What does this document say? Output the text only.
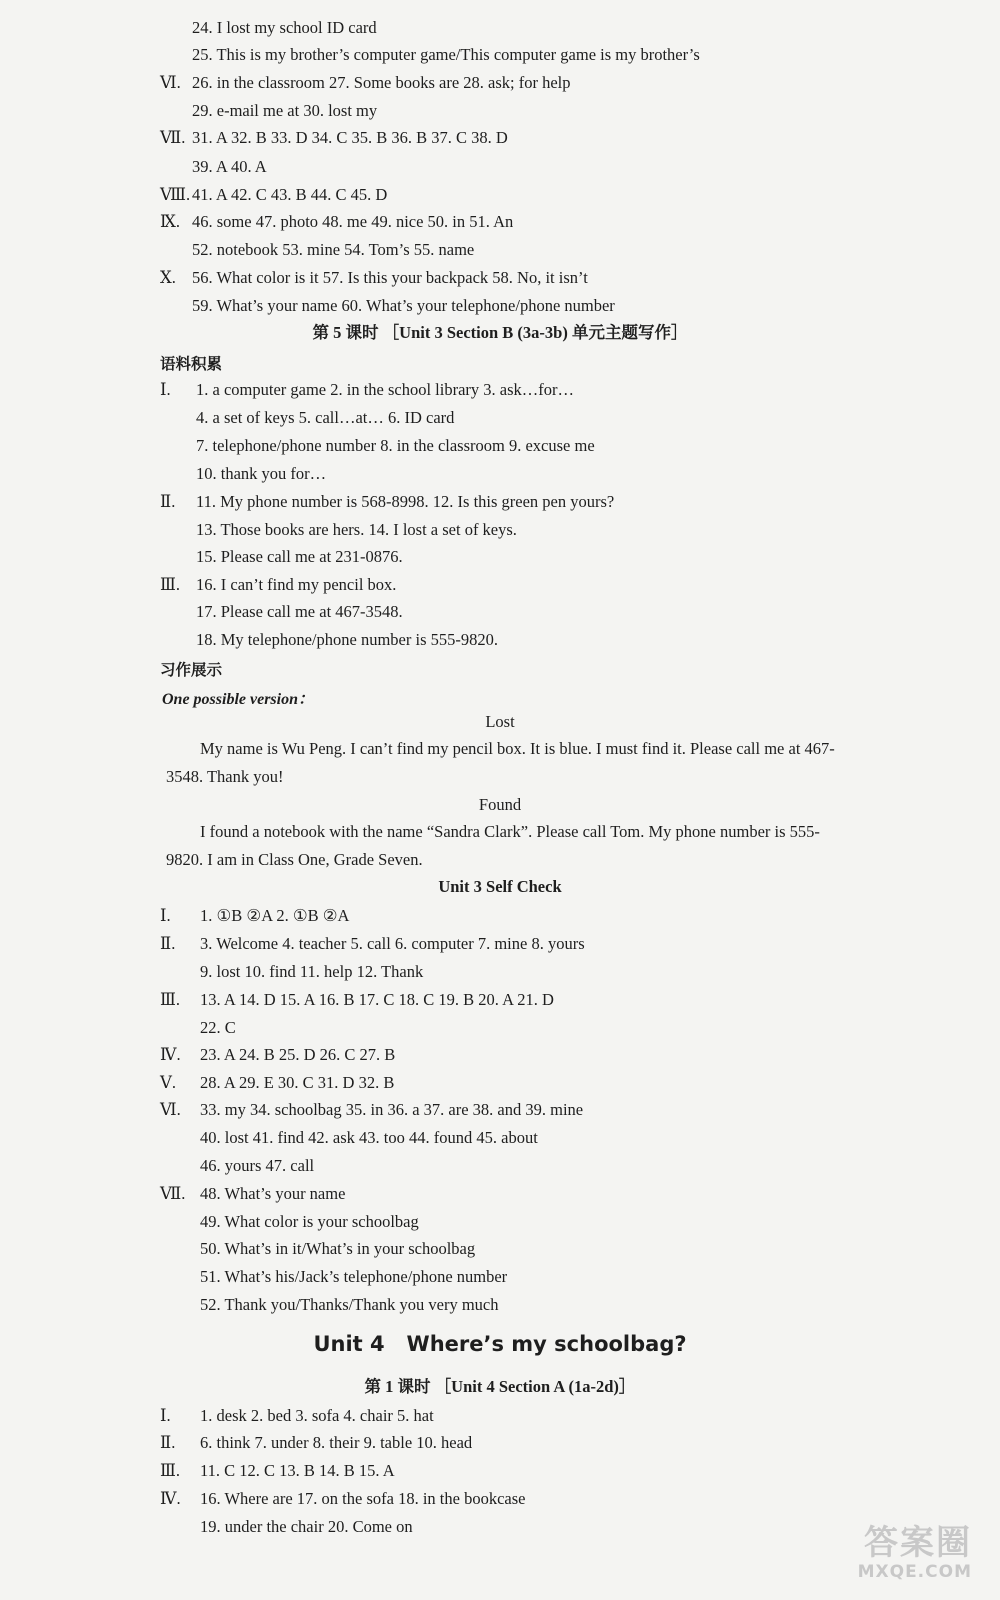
24. I lost my school ID card
25. This is my brother’s computer game/This computer game is my brother’s
Ⅵ. 26. in the classroom 27. Some books are 28. ask; for help
29. e-mail me at 30. lost my
Ⅶ. 31. A 32. B 33. D 34. C 35. B 36. B 37. C 38. D
39. A 40. A
Ⅷ. 41. A 42. C 43. B 44. C 45. D
Ⅸ. 46. some 47. photo 48. me 49. nice 50. in 51. An
52. notebook 53. mine 54. Tom’s 55. name
Ⅹ. 56. What color is it 57. Is this your backpack 58. No, it isn’t
59. What’s your name 60. What’s your telephone/phone number
第 5 课时 ［Unit 3 Section B (3a-3b) 单元主题写作］
语料积累
Ⅰ. 1. a computer game 2. in the school library 3. ask…for…
4. a set of keys 5. call…at… 6. ID card
7. telephone/phone number 8. in the classroom 9. excuse me
10. thank you for…
Ⅱ. 11. My phone number is 568-8998. 12. Is this green pen yours?
13. Those books are hers. 14. I lost a set of keys.
15. Please call me at 231-0876.
Ⅲ. 16. I can’t find my pencil box.
17. Please call me at 467-3548.
18. My telephone/phone number is 555-9820.
习作展示
One possible version：
Lost
My name is Wu Peng. I can’t find my pencil box. It is blue. I must find it. Please call me at 467-3548. Thank you!
Found
I found a notebook with the name “Sandra Clark”. Please call Tom. My phone number is 555-9820. I am in Class One, Grade Seven.
Unit 3 Self Check
Ⅰ. 1. ①B ②A 2. ①B ②A
Ⅱ. 3. Welcome 4. teacher 5. call 6. computer 7. mine 8. yours
9. lost 10. find 11. help 12. Thank
Ⅲ. 13. A 14. D 15. A 16. B 17. C 18. C 19. B 20. A 21. D
22. C
Ⅳ. 23. A 24. B 25. D 26. C 27. B
Ⅴ. 28. A 29. E 30. C 31. D 32. B
Ⅵ. 33. my 34. schoolbag 35. in 36. a 37. are 38. and 39. mine
40. lost 41. find 42. ask 43. too 44. found 45. about
46. yours 47. call
Ⅶ. 48. What’s your name
49. What color is your schoolbag
50. What’s in it/What’s in your schoolbag
51. What’s his/Jack’s telephone/phone number
52. Thank you/Thanks/Thank you very much
Unit 4   Where’s my schoolbag?
第 1 课时 ［Unit 4 Section A (1a-2d)］
Ⅰ. 1. desk 2. bed 3. sofa 4. chair 5. hat
Ⅱ. 6. think 7. under 8. their 9. table 10. head
Ⅲ. 11. C 12. C 13. B 14. B 15. A
Ⅳ. 16. Where are 17. on the sofa 18. in the bookcase
19. under the chair 20. Come on	答案圈
MXQE.COM
